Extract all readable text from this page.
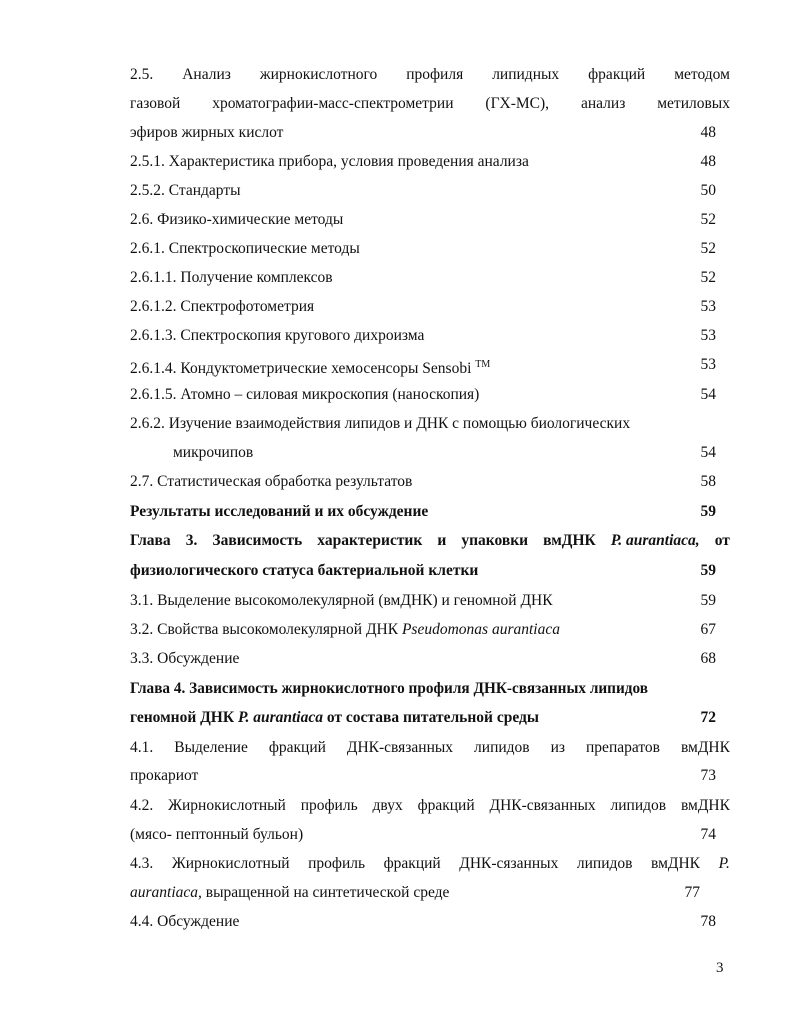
2.5. Анализ жирнокислотного профиля липидных фракций методом
газовой хроматографии-масс-спектрометрии (ГХ-МС), анализ метиловых
эфиров жирных кислот	48
2.5.1. Характеристика прибора, условия проведения анализа	48
2.5.2. Стандарты	50
2.6. Физико-химические методы	52
2.6.1. Спектроскопические методы	52
2.6.1.1. Получение комплексов	52
2.6.1.2. Спектрофотометрия	53
2.6.1.3. Спектроскопия кругового дихроизма	53
2.6.1.4. Кондуктометрические хемосенсоры Sensobi ™	53
2.6.1.5. Атомно – силовая микроскопия (наноскопия)	54
2.6.2. Изучение взаимодействия липидов и ДНК с помощью биологических
микрочипов	54
2.7. Статистическая обработка результатов	58
Результаты исследований и их обсуждение	59
Глава 3. Зависимость характеристик и упаковки вмДНК P. aurantiaca, от
физиологического статуса бактериальной клетки	59
3.1. Выделение высокомолекулярной (вмДНК) и геномной ДНК	59
3.2. Свойства высокомолекулярной ДНК Pseudomonas aurantiaca	67
3.3. Обсуждение	68
Глава 4. Зависимость жирнокислотного профиля ДНК-связанных липидов
геномной ДНК P. aurantiaca от состава питательной среды	72
4.1. Выделение фракций ДНК-связанных липидов из препаратов вмДНК
прокариот	73
4.2. Жирнокислотный профиль двух фракций ДНК-связанных липидов вмДНК
(мясо- пептонный бульон)	74
4.3. Жирнокислотный профиль фракций ДНК-сязанных липидов вмДНК P.
aurantiaca, выращенной на синтетической среде	77
4.4. Обсуждение	78
3
